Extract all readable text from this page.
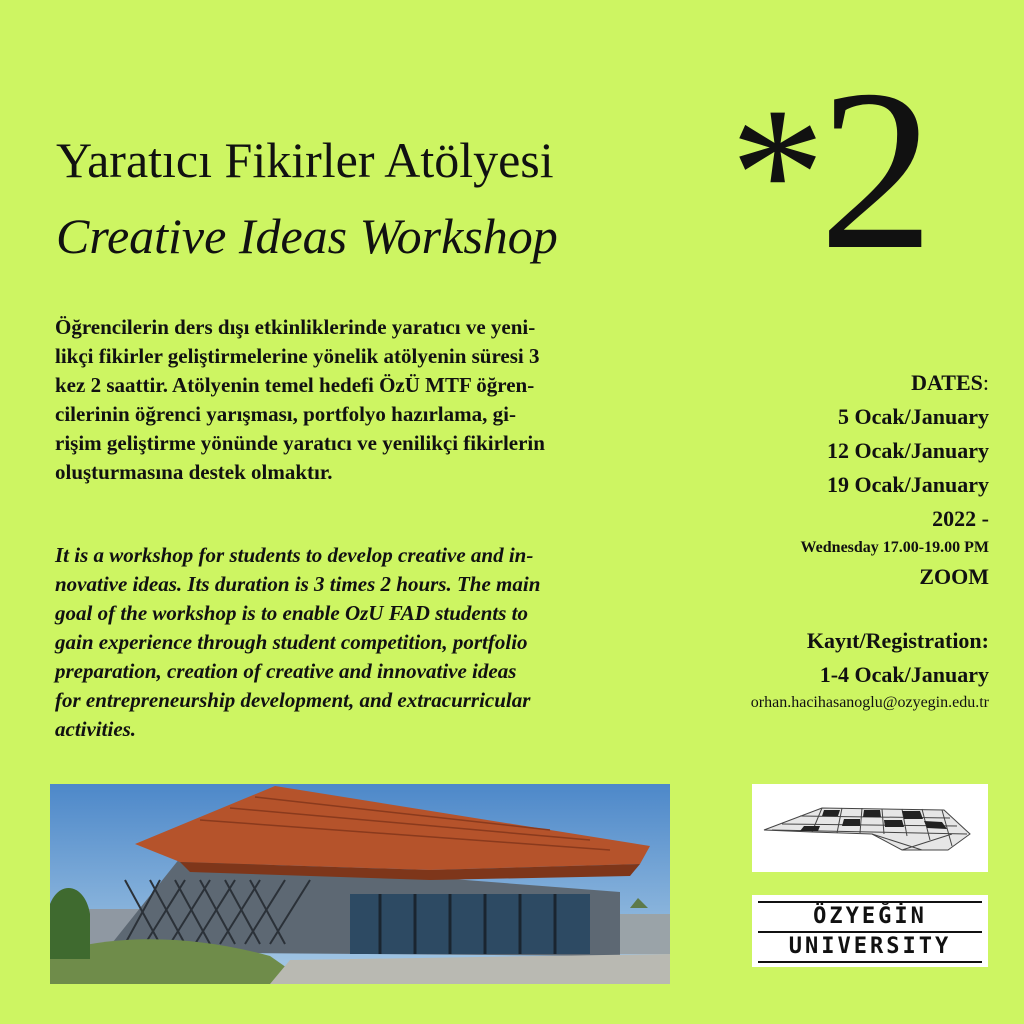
Yaratıcı Fikirler Atölyesi
Creative Ideas Workshop *2

Öğrencilerin ders dışı etkinliklerinde yaratıcı ve yeni-
likçi fikirler geliştirmelerine yönelik atölyenin süresi 3
kez 2 saattir. Atölyenin temel hedefi ÖzÜ MTF öğren-
cilerinin öğrenci yarışması, portfolyo hazırlama, gi-
rişim geliştirme yönünde yaratıcı ve yenilikçi fikirlerin
oluşturmasına destek olmaktır.

It is a workshop for students to develop creative and in-
novative ideas. Its duration is 3 times 2 hours. The main
goal of the workshop is to enable OzU FAD students to
gain experience through student competition, portfolio
preparation, creation of creative and innovative ideas
for entrepreneurship development, and extracurricular
activities.

DATES:
5 Ocak/January
12 Ocak/January
19 Ocak/January
2022 -
Wednesday 17.00-19.00 PM
ZOOM
Kayıt/Registration:
1-4 Ocak/January
orhan.hacihasanoglu@ozyegin.edu.tr
ÖZYEĞİN
UNIVERSITY
